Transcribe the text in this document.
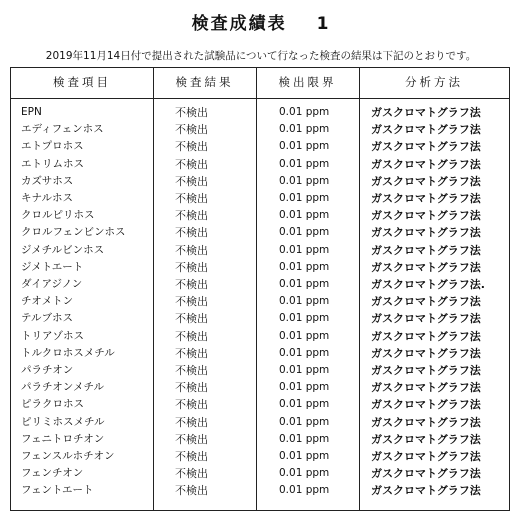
検査成績表 1
2019年11月14日付で提出された試験品について行なった検査の結果は下記のとおりです。
検査項目	検査結果	検出限界	分析方法
EPN	不検出	0.01 ppm	ガスクロマトグラフ法
エディフェンホス	不検出	0.01 ppm	ガスクロマトグラフ法
エトプロホス	不検出	0.01 ppm	ガスクロマトグラフ法
エトリムホス	不検出	0.01 ppm	ガスクロマトグラフ法
カズサホス	不検出	0.01 ppm	ガスクロマトグラフ法
キナルホス	不検出	0.01 ppm	ガスクロマトグラフ法
クロルピリホス	不検出	0.01 ppm	ガスクロマトグラフ法
クロルフェンビンホス	不検出	0.01 ppm	ガスクロマトグラフ法
ジメチルビンホス	不検出	0.01 ppm	ガスクロマトグラフ法
ジメトエート	不検出	0.01 ppm	ガスクロマトグラフ法
ダイアジノン	不検出	0.01 ppm	ガスクロマトグラフ法.
チオメトン	不検出	0.01 ppm	ガスクロマトグラフ法
テルブホス	不検出	0.01 ppm	ガスクロマトグラフ法
トリアゾホス	不検出	0.01 ppm	ガスクロマトグラフ法
トルクロホスメチル	不検出	0.01 ppm	ガスクロマトグラフ法
パラチオン	不検出	0.01 ppm	ガスクロマトグラフ法
パラチオンメチル	不検出	0.01 ppm	ガスクロマトグラフ法
ピラクロホス	不検出	0.01 ppm	ガスクロマトグラフ法
ピリミホスメチル	不検出	0.01 ppm	ガスクロマトグラフ法
フェニトロチオン	不検出	0.01 ppm	ガスクロマトグラフ法
フェンスルホチオン	不検出	0.01 ppm	ガスクロマトグラフ法
フェンチオン	不検出	0.01 ppm	ガスクロマトグラフ法
フェントエート	不検出	0.01 ppm	ガスクロマトグラフ法
